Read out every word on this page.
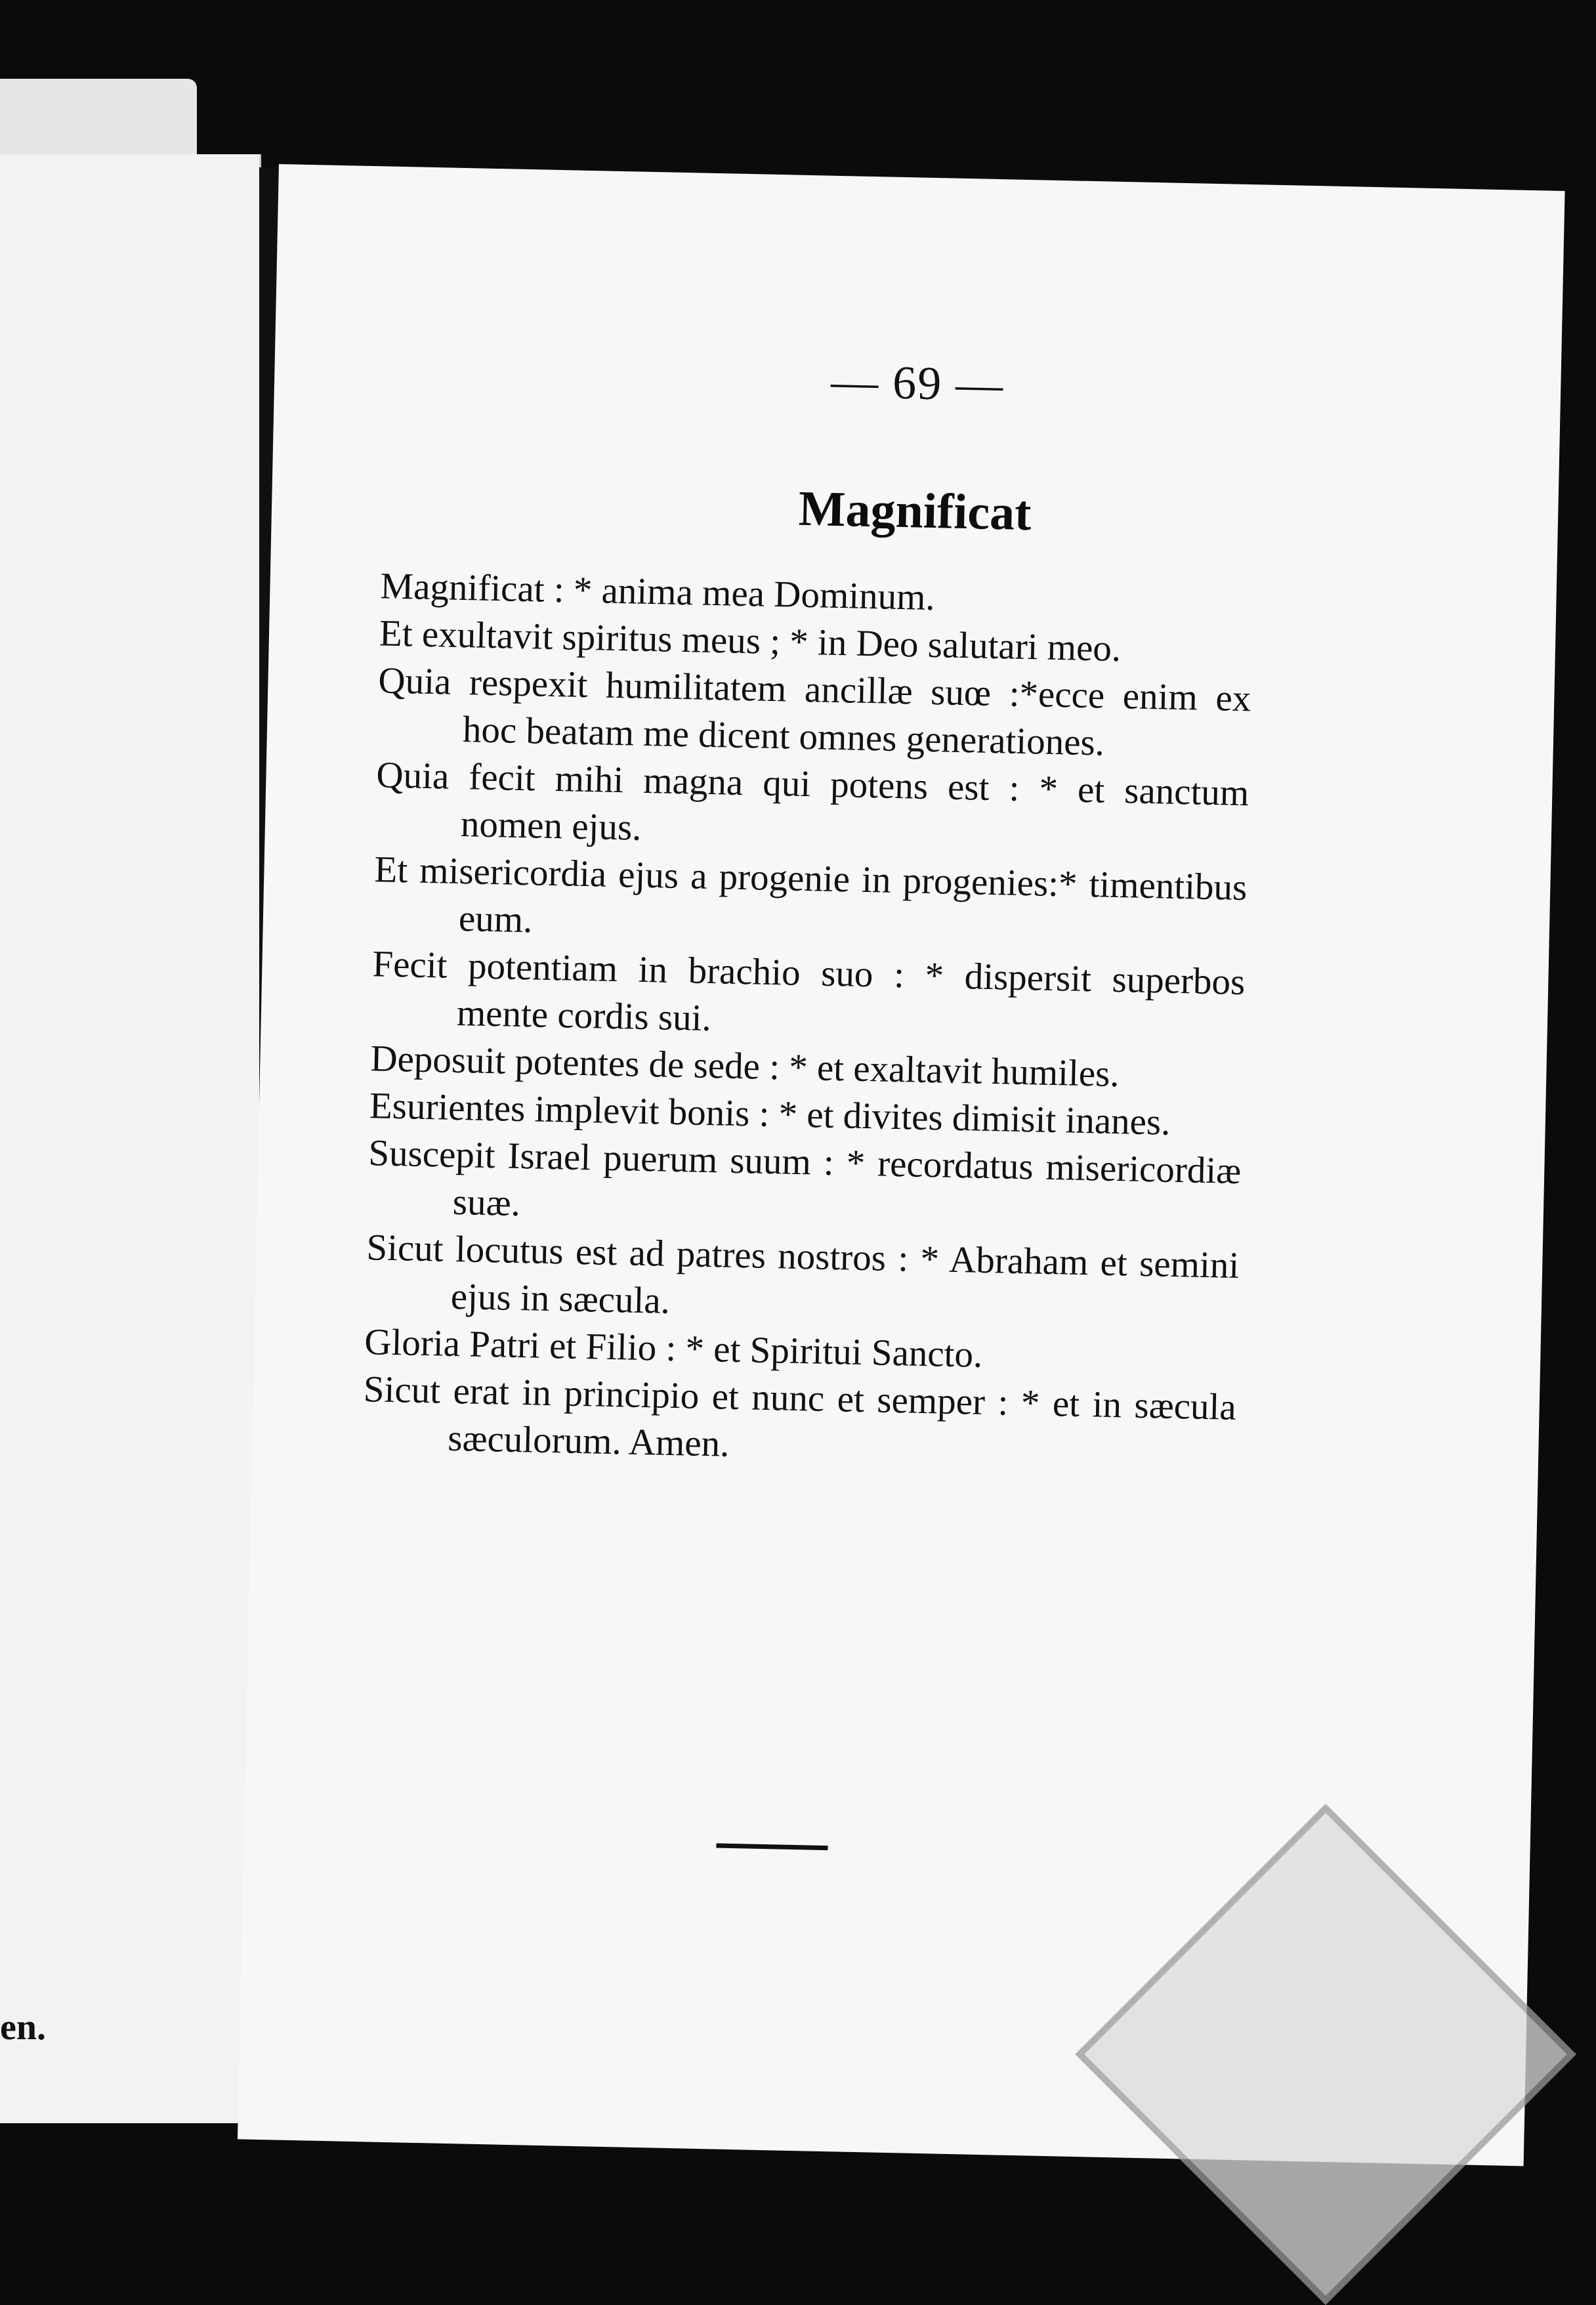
en.
— 69 —
Magnificat
Magnificat : * anima mea Dominum.
Et exultavit spiritus meus ; * in Deo salutari meo.
Quia respexit humilitatem ancillæ suœ :*ecce enim ex hoc beatam me dicent omnes generationes.
Quia fecit mihi magna qui potens est : * et sanctum nomen ejus.
Et misericordia ejus a progenie in progenies:* timentibus eum.
Fecit potentiam in brachio suo : * dispersit superbos mente cordis sui.
Deposuit potentes de sede : * et exaltavit humiles.
Esurientes implevit bonis : * et divites dimisit inanes.
Suscepit Israel puerum suum : * recordatus misericordiæ suæ.
Sicut locutus est ad patres nostros : * Abraham et semini ejus in sæcula.
Gloria Patri et Filio : * et Spiritui Sancto.
Sicut erat in principio et nunc et semper : * et in sæcula sæculorum. Amen.
